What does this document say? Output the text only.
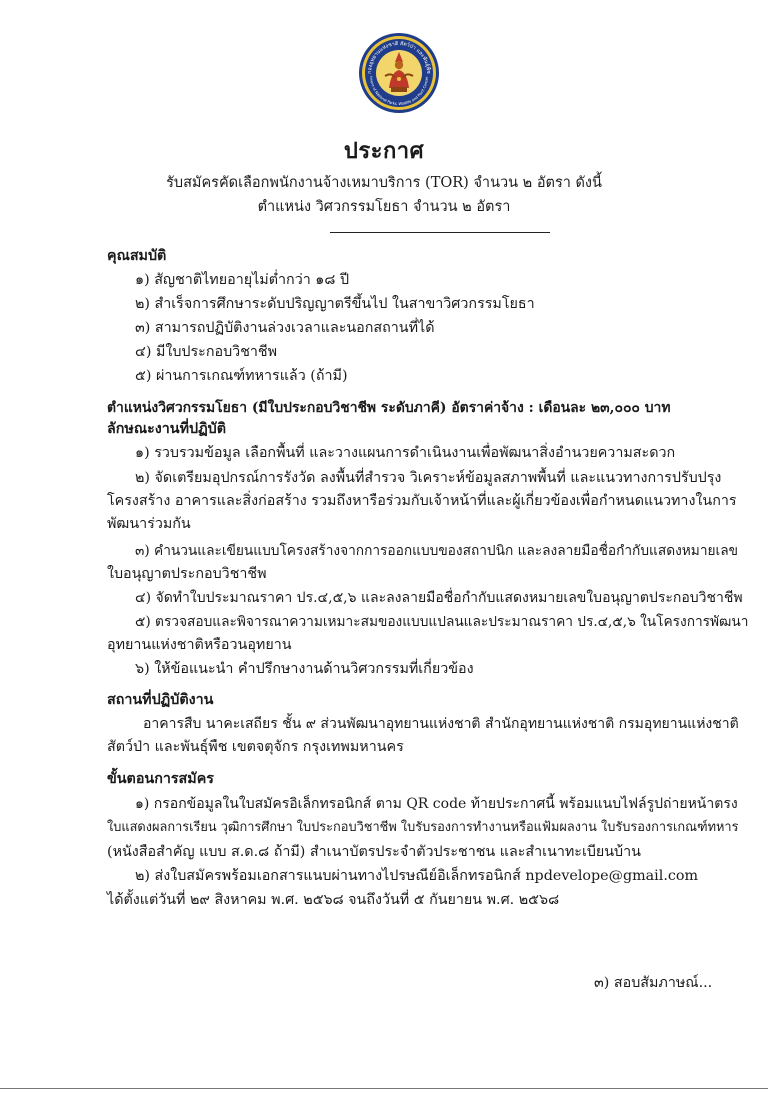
กองอุทยานแห่งชาติ สัตว์ป่า และพันธุ์พืช
tment of National Parks, Wildlife and Plant Conser
ประกาศ
รับสมัครคัดเลือกพนักงานจ้างเหมาบริการ (TOR) จำนวน ๒ อัตรา ดังนี้
ตำแหน่ง วิศวกรรมโยธา จำนวน ๒ อัตรา
คุณสมบัติ
๑) สัญชาติไทยอายุไม่ต่ำกว่า ๑๘ ปี
๒) สำเร็จการศึกษาระดับปริญญาตรีขึ้นไป ในสาขาวิศวกรรมโยธา
๓) สามารถปฏิบัติงานล่วงเวลาและนอกสถานที่ได้
๔) มีใบประกอบวิชาชีพ
๕) ผ่านการเกณฑ์ทหารแล้ว (ถ้ามี)
ตำแหน่งวิศวกรรมโยธา (มีใบประกอบวิชาชีพ ระดับภาคี) อัตราค่าจ้าง : เดือนละ ๒๓,๐๐๐ บาท
ลักษณะงานที่ปฏิบัติ
๑) รวบรวมข้อมูล เลือกพื้นที่ และวางแผนการดำเนินงานเพื่อพัฒนาสิ่งอำนวยความสะดวก
๒) จัดเตรียมอุปกรณ์การรังวัด ลงพื้นที่สำรวจ วิเคราะห์ข้อมูลสภาพพื้นที่ และแนวทางการปรับปรุง
โครงสร้าง อาคารและสิ่งก่อสร้าง รวมถึงหารือร่วมกับเจ้าหน้าที่และผู้เกี่ยวข้องเพื่อกำหนดแนวทางในการ
พัฒนาร่วมกัน
๓) คำนวนและเขียนแบบโครงสร้างจากการออกแบบของสถาปนิก และลงลายมือชื่อกำกับแสดงหมายเลข
ใบอนุญาตประกอบวิชาชีพ
๔) จัดทำใบประมาณราคา ปร.๔,๕,๖ และลงลายมือชื่อกำกับแสดงหมายเลขใบอนุญาตประกอบวิชาชีพ
๕) ตรวจสอบและพิจารณาความเหมาะสมของแบบแปลนและประมาณราคา ปร.๔,๕,๖ ในโครงการพัฒนา
อุทยานแห่งชาติหรือวนอุทยาน
๖) ให้ข้อแนะนำ คำปรึกษางานด้านวิศวกรรมที่เกี่ยวข้อง
สถานที่ปฏิบัติงาน
อาคารสืบ นาคะเสถียร ชั้น ๙ ส่วนพัฒนาอุทยานแห่งชาติ สำนักอุทยานแห่งชาติ กรมอุทยานแห่งชาติ
สัตว์ป่า และพันธุ์พืช เขตจตุจักร กรุงเทพมหานคร
ขั้นตอนการสมัคร
๑) กรอกข้อมูลในใบสมัครอิเล็กทรอนิกส์ ตาม QR code ท้ายประกาศนี้ พร้อมแนบไฟล์รูปถ่ายหน้าตรง
ใบแสดงผลการเรียน วุฒิการศึกษา ใบประกอบวิชาชีพ ใบรับรองการทำงานหรือแฟ้มผลงาน ใบรับรองการเกณฑ์ทหาร
(หนังสือสำคัญ แบบ ส.ด.๘ ถ้ามี) สำเนาบัตรประจำตัวประชาชน และสำเนาทะเบียนบ้าน
๒) ส่งใบสมัครพร้อมเอกสารแนบผ่านทางไปรษณีย์อิเล็กทรอนิกส์ npdevelope@gmail.com
ได้ตั้งแต่วันที่ ๒๙ สิงหาคม พ.ศ. ๒๕๖๘ จนถึงวันที่ ๕ กันยายน พ.ศ. ๒๕๖๘
๓) สอบสัมภาษณ์...
